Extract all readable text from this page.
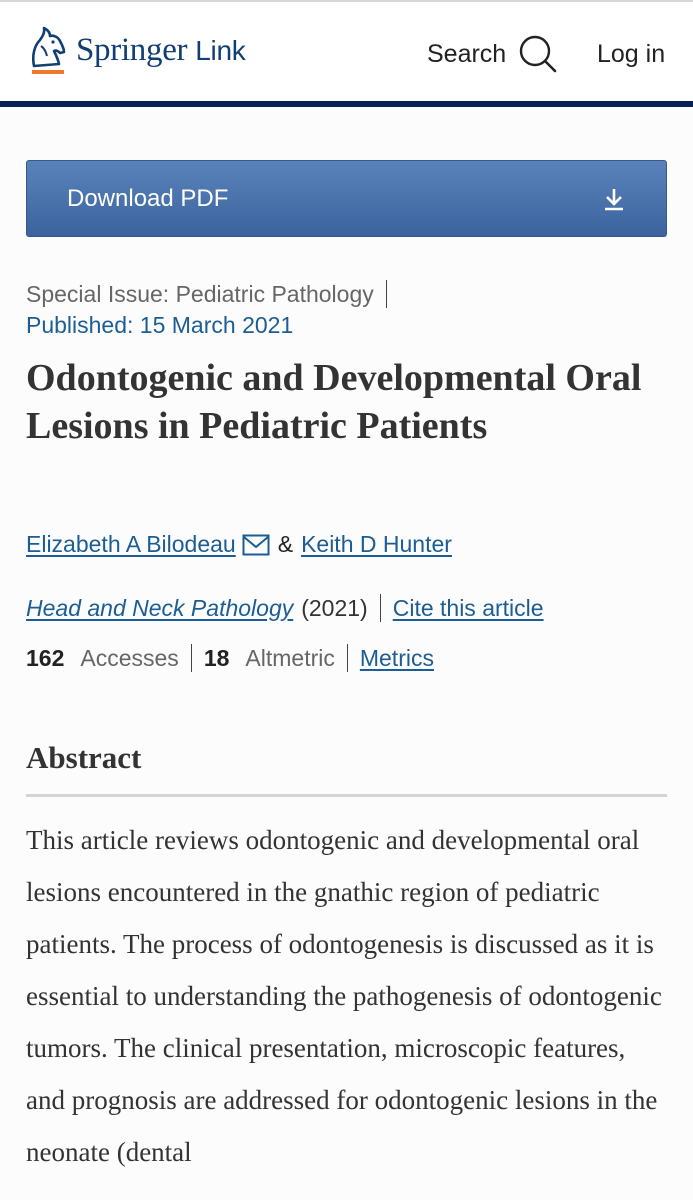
Springer Link	Search	Log in
Download PDF
Special Issue: Pediatric Pathology
Published: 15 March 2021
Odontogenic and Developmental Oral Lesions in Pediatric Patients
Elizabeth A Bilodeau & Keith D Hunter
Head and Neck Pathology (2021) Cite this article
162 Accesses 18 Altmetric Metrics
Abstract

This article reviews odontogenic and developmental oral lesions encountered in the gnathic region of pediatric patients. The process of odontogenesis is discussed as it is essential to understanding the pathogenesis of odontogenic tumors. The clinical presentation, microscopic features, and prognosis are addressed for odontogenic lesions in the neonate (dental
